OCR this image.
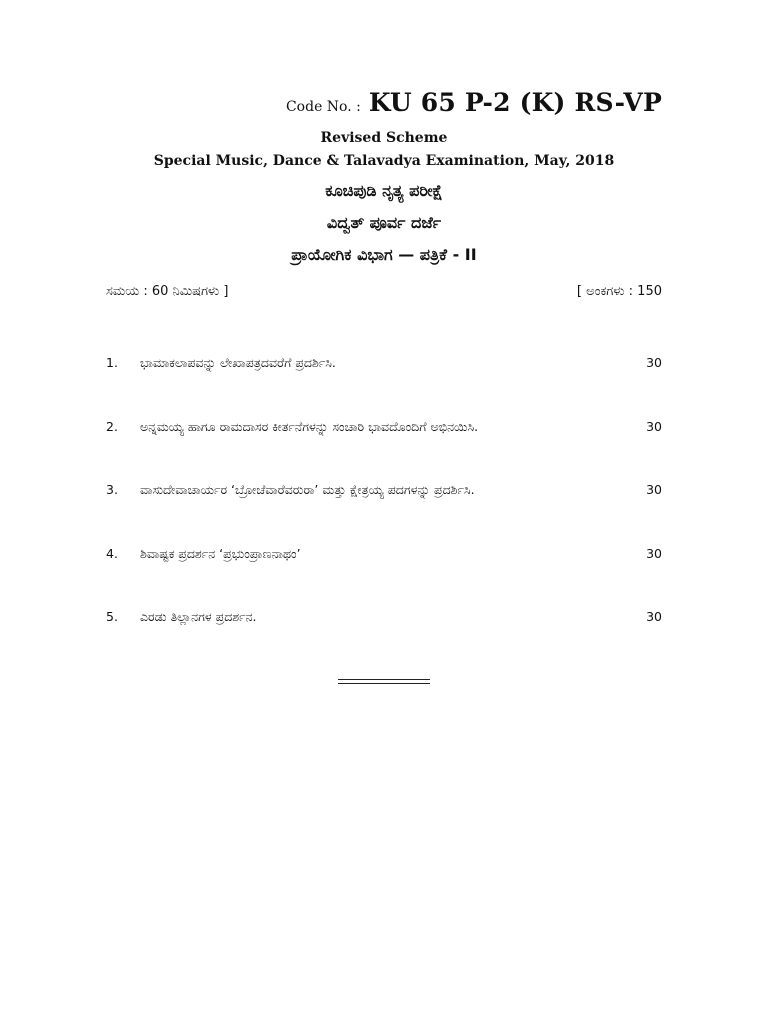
Code No. : KU 65 P-2 (K) RS-VP
Revised Scheme
Special Music, Dance & Talavadya Examination, May, 2018
ಕೂಚಿಪುಡಿ ನೃತ್ಯ ಪರೀಕ್ಷೆ
ವಿದ್ವತ್ ಪೂರ್ವ ದರ್ಜೆ
ಪ್ರಾಯೋಗಿಕ ವಿಭಾಗ — ಪತ್ರಿಕೆ - II
ಸಮಯ : 60 ನಿಮಿಷಗಳು ]	[ ಅಂಕಗಳು : 150
1. ಭಾಮಾಕಲಾಪವನ್ನು ಲೇಖಾಪತ್ರದವರೆಗೆ ಪ್ರದರ್ಶಿಸಿ.	30
2. ಅನ್ನಮಯ್ಯ ಹಾಗೂ ರಾಮದಾಸರ ಕೀರ್ತನೆಗಳನ್ನು ಸಂಚಾರಿ ಭಾವದೊಂದಿಗೆ ಅಭಿನಯಿಸಿ.	30
3. ವಾಸುದೇವಾಚಾರ್ಯರ ‘ಬ್ರೋಚೆವಾರೆವರುರಾ’ ಮತ್ತು ಕ್ಷೇತ್ರಯ್ಯ ಪದಗಳನ್ನು ಪ್ರದರ್ಶಿಸಿ.	30
4. ಶಿವಾಷ್ಟಕ ಪ್ರದರ್ಶನ ‘ಪ್ರಭುಂಪ್ರಾಣನಾಥಂ’	30
5. ಎರಡು ತಿಲ್ಲಾನಗಳ ಪ್ರದರ್ಶನ.	30
